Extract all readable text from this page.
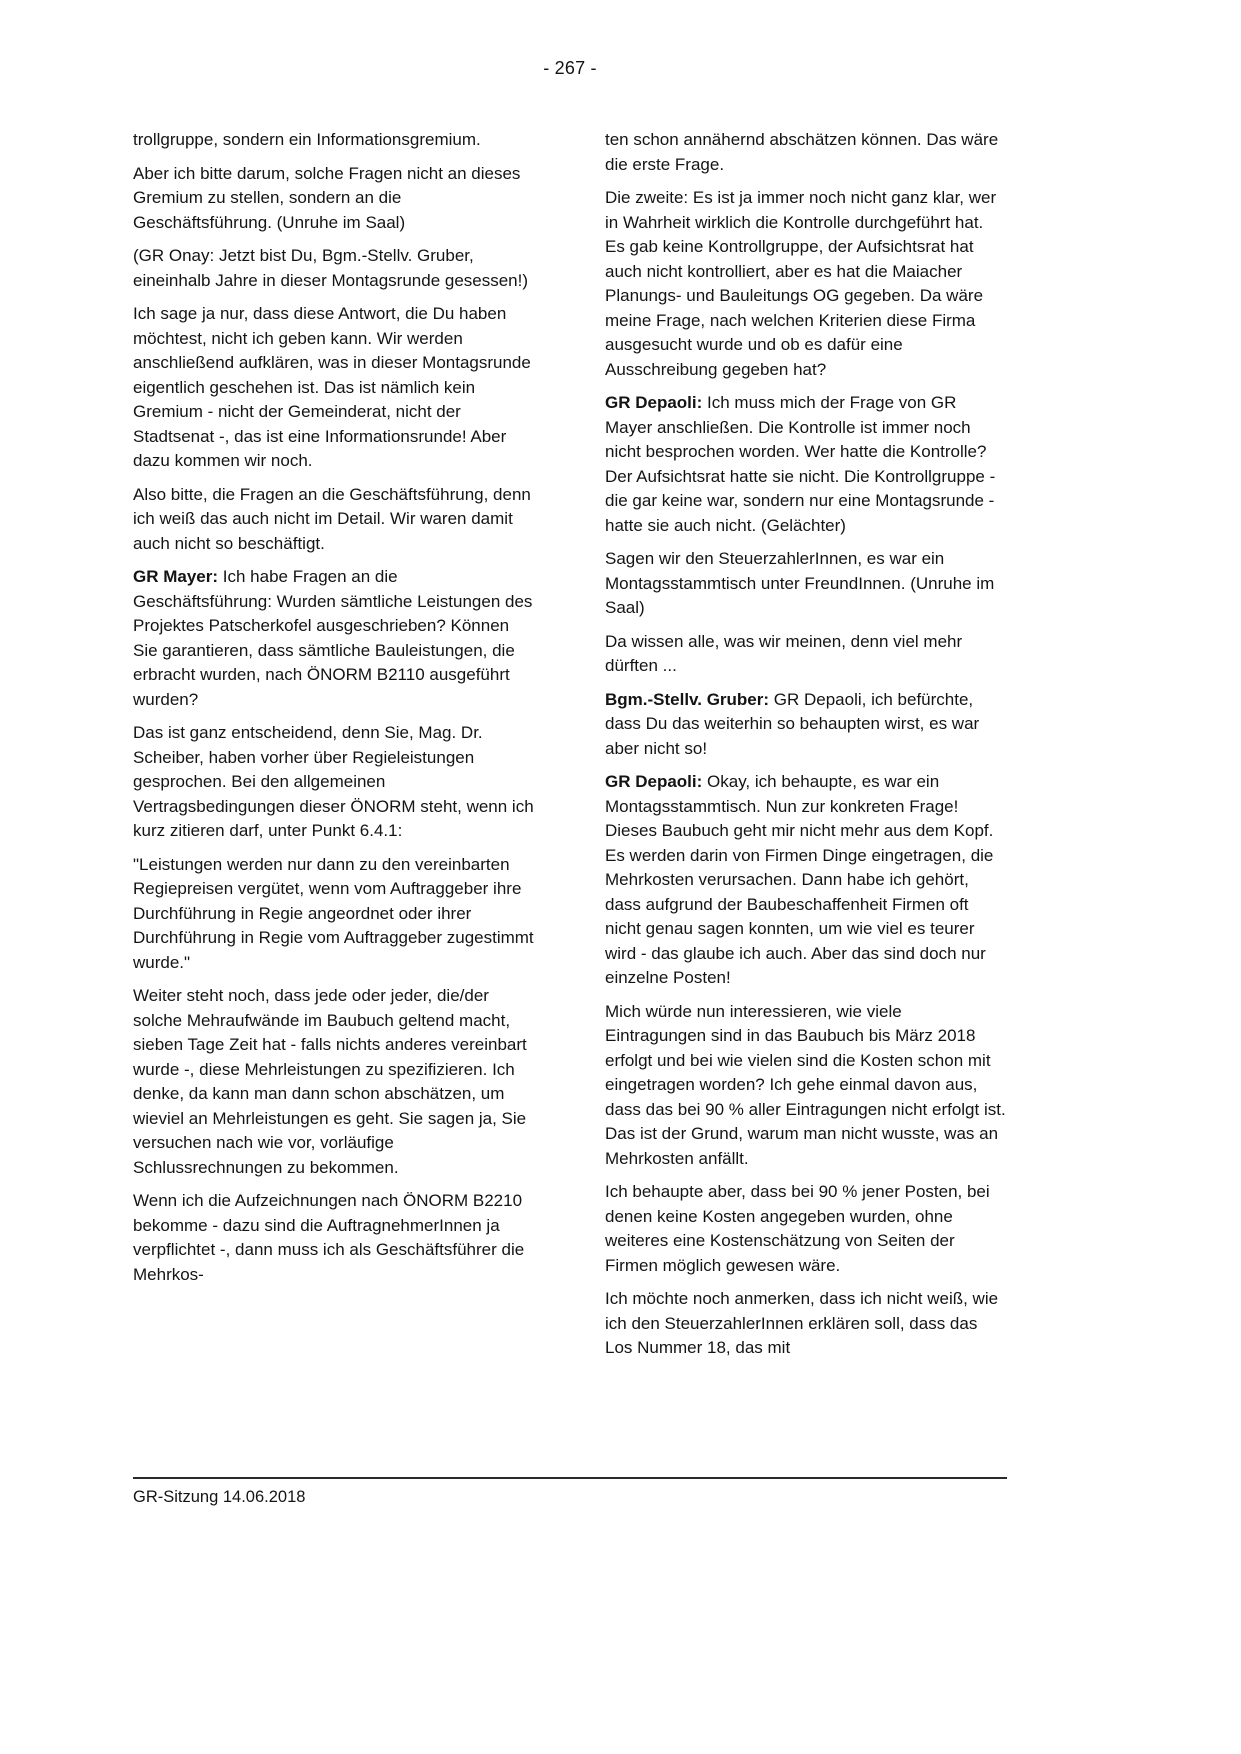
- 267 -

trollgruppe, sondern ein Informationsgremium.

Aber ich bitte darum, solche Fragen nicht an dieses Gremium zu stellen, sondern an die Geschäftsführung. (Unruhe im Saal)

(GR Onay: Jetzt bist Du, Bgm.-Stellv. Gruber, eineinhalb Jahre in dieser Montagsrunde gesessen!)

Ich sage ja nur, dass diese Antwort, die Du haben möchtest, nicht ich geben kann. Wir werden anschließend aufklären, was in dieser Montagsrunde eigentlich geschehen ist. Das ist nämlich kein Gremium - nicht der Gemeinderat, nicht der Stadtsenat -, das ist eine Informationsrunde! Aber dazu kommen wir noch.

Also bitte, die Fragen an die Geschäftsführung, denn ich weiß das auch nicht im Detail. Wir waren damit auch nicht so beschäftigt.

GR Mayer: Ich habe Fragen an die Geschäftsführung: Wurden sämtliche Leistungen des Projektes Patscherkofel ausgeschrieben? Können Sie garantieren, dass sämtliche Bauleistungen, die erbracht wurden, nach ÖNORM B2110 ausgeführt wurden?

Das ist ganz entscheidend, denn Sie, Mag. Dr. Scheiber, haben vorher über Regieleistungen gesprochen. Bei den allgemeinen Vertragsbedingungen dieser ÖNORM steht, wenn ich kurz zitieren darf, unter Punkt 6.4.1:

"Leistungen werden nur dann zu den vereinbarten Regiepreisen vergütet, wenn vom Auftraggeber ihre Durchführung in Regie angeordnet oder ihrer Durchführung in Regie vom Auftraggeber zugestimmt wurde."

Weiter steht noch, dass jede oder jeder, die/der solche Mehraufwände im Baubuch geltend macht, sieben Tage Zeit hat - falls nichts anderes vereinbart wurde -, diese Mehrleistungen zu spezifizieren. Ich denke, da kann man dann schon abschätzen, um wieviel an Mehrleistungen es geht. Sie sagen ja, Sie versuchen nach wie vor, vorläufige Schlussrechnungen zu bekommen.

Wenn ich die Aufzeichnungen nach ÖNORM B2210 bekomme - dazu sind die AuftragnehmerInnen ja verpflichtet -, dann muss ich als Geschäftsführer die Mehrkos-

ten schon annähernd abschätzen können. Das wäre die erste Frage.

Die zweite: Es ist ja immer noch nicht ganz klar, wer in Wahrheit wirklich die Kontrolle durchgeführt hat. Es gab keine Kontrollgruppe, der Aufsichtsrat hat auch nicht kontrolliert, aber es hat die Maiacher Planungs- und Bauleitungs OG gegeben. Da wäre meine Frage, nach welchen Kriterien diese Firma ausgesucht wurde und ob es dafür eine Ausschreibung gegeben hat?

GR Depaoli: Ich muss mich der Frage von GR Mayer anschließen. Die Kontrolle ist immer noch nicht besprochen worden. Wer hatte die Kontrolle? Der Aufsichtsrat hatte sie nicht. Die Kontrollgruppe - die gar keine war, sondern nur eine Montagsrunde - hatte sie auch nicht. (Gelächter)

Sagen wir den SteuerzahlerInnen, es war ein Montagsstammtisch unter FreundInnen. (Unruhe im Saal)

Da wissen alle, was wir meinen, denn viel mehr dürften ...

Bgm.-Stellv. Gruber: GR Depaoli, ich befürchte, dass Du das weiterhin so behaupten wirst, es war aber nicht so!

GR Depaoli: Okay, ich behaupte, es war ein Montagsstammtisch. Nun zur konkreten Frage! Dieses Baubuch geht mir nicht mehr aus dem Kopf. Es werden darin von Firmen Dinge eingetragen, die Mehrkosten verursachen. Dann habe ich gehört, dass aufgrund der Baubeschaffenheit Firmen oft nicht genau sagen konnten, um wie viel es teurer wird - das glaube ich auch. Aber das sind doch nur einzelne Posten!

Mich würde nun interessieren, wie viele Eintragungen sind in das Baubuch bis März 2018 erfolgt und bei wie vielen sind die Kosten schon mit eingetragen worden? Ich gehe einmal davon aus, dass das bei 90 % aller Eintragungen nicht erfolgt ist. Das ist der Grund, warum man nicht wusste, was an Mehrkosten anfällt.

Ich behaupte aber, dass bei 90 % jener Posten, bei denen keine Kosten angegeben wurden, ohne weiteres eine Kostenschätzung von Seiten der Firmen möglich gewesen wäre.

Ich möchte noch anmerken, dass ich nicht weiß, wie ich den SteuerzahlerInnen erklären soll, dass das Los Nummer 18, das mit

GR-Sitzung 14.06.2018
